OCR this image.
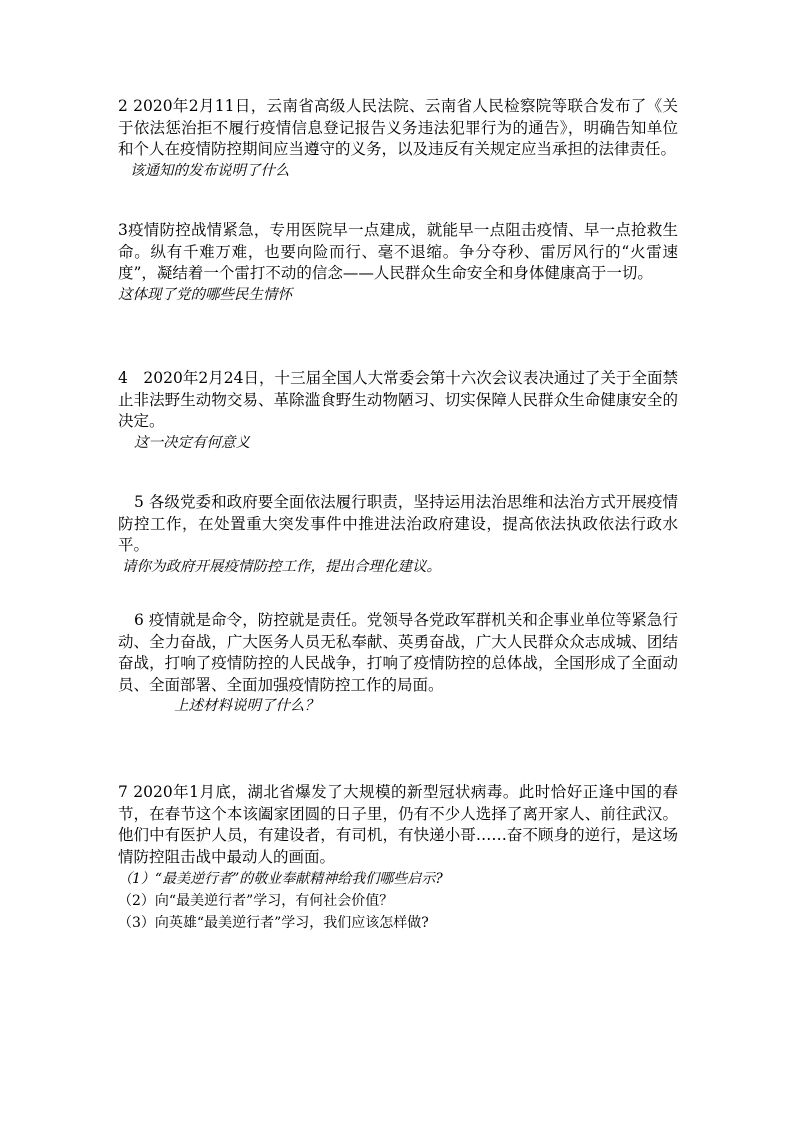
2 2020年2月11日，云南省高级人民法院、云南省人民检察院等联合发布了《关于依法惩治拒不履行疫情信息登记报告义务违法犯罪行为的通告》，明确告知单位和个人在疫情防控期间应当遵守的义务，以及违反有关规定应当承担的法律责任。

该通知的发布说明了什么

3疫情防控战情紧急，专用医院早一点建成，就能早一点阻击疫情、早一点抢救生命。纵有千难万难，也要向险而行、毫不退缩。争分夺秒、雷厉风行的“火雷速度”，凝结着一个雷打不动的信念——人民群众生命安全和身体健康高于一切。

这体现了党的哪些民生情怀

4　2020年2月24日，十三届全国人大常委会第十六次会议表决通过了关于全面禁止非法野生动物交易、革除滥食野生动物陋习、切实保障人民群众生命健康安全的决定。

这一决定有何意义

5 各级党委和政府要全面依法履行职责，坚持运用法治思维和法治方式开展疫情防控工作，在处置重大突发事件中推进法治政府建设，提高依法执政依法行政水平。

请你为政府开展疫情防控工作，提出合理化建议。

6 疫情就是命令，防控就是责任。党领导各党政军群机关和企事业单位等紧急行动、全力奋战，广大医务人员无私奉献、英勇奋战，广大人民群众众志成城、团结奋战，打响了疫情防控的人民战争，打响了疫情防控的总体战，全国形成了全面动员、全面部署、全面加强疫情防控工作的局面。

上述材料说明了什么？

7 2020年1月底，湖北省爆发了大规模的新型冠状病毒。此时恰好正逢中国的春节，在春节这个本该阖家团圆的日子里，仍有不少人选择了离开家人、前往武汉。他们中有医护人员，有建设者，有司机，有快递小哥……奋不顾身的逆行，是这场情防控阻击战中最动人的画面。

（1）“最美逆行者”的敬业奉献精神给我们哪些启示?

（2）向“最美逆行者”学习，有何社会价值？

（3）向英雄“最美逆行者”学习，我们应该怎样做?
